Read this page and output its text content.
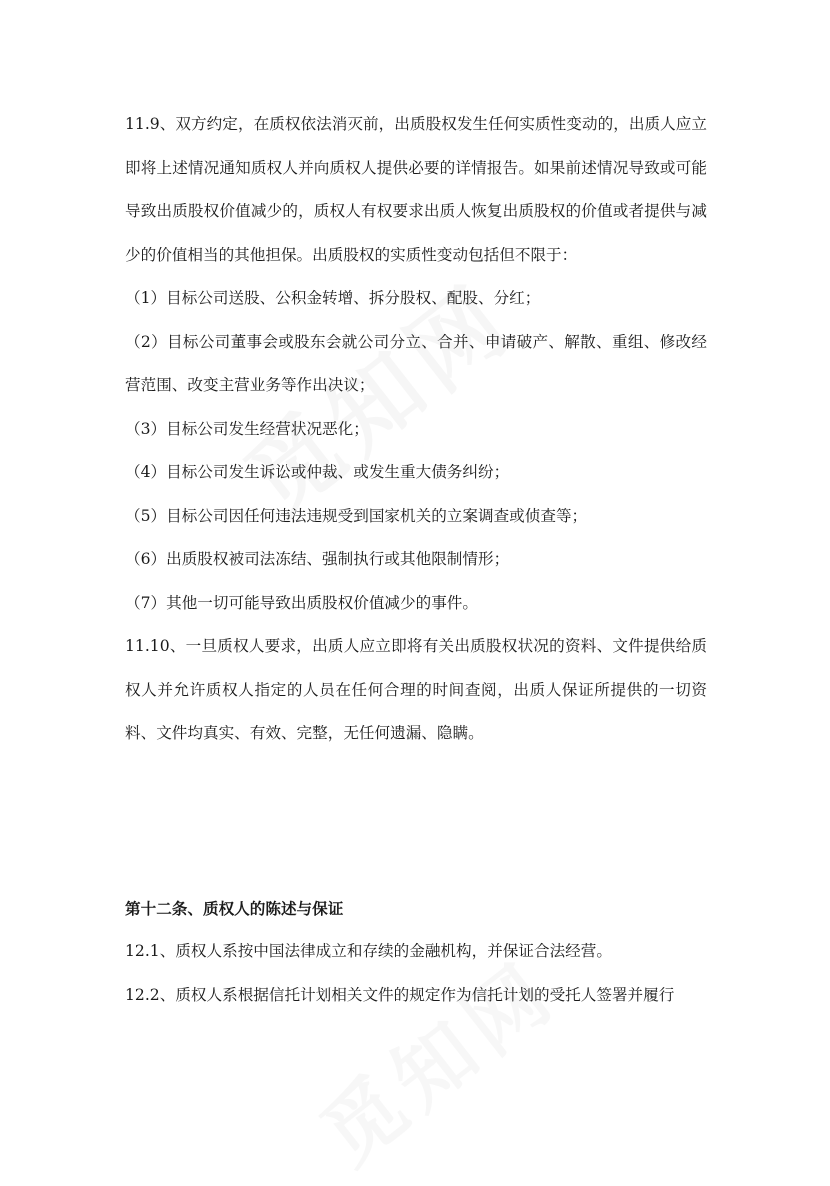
11.9、双方约定，在质权依法消灭前，出质股权发生任何实质性变动的，出质人应立即将上述情况通知质权人并向质权人提供必要的详情报告。如果前述情况导致或可能导致出质股权价值减少的，质权人有权要求出质人恢复出质股权的价值或者提供与减少的价值相当的其他担保。出质股权的实质性变动包括但不限于：

（1）目标公司送股、公积金转增、拆分股权、配股、分红；

（2）目标公司董事会或股东会就公司分立、合并、申请破产、解散、重组、修改经营范围、改变主营业务等作出决议；

（3）目标公司发生经营状况恶化；

（4）目标公司发生诉讼或仲裁、或发生重大债务纠纷；

（5）目标公司因任何违法违规受到国家机关的立案调查或侦查等；

（6）出质股权被司法冻结、强制执行或其他限制情形；

（7）其他一切可能导致出质股权价值减少的事件。

11.10、一旦质权人要求，出质人应立即将有关出质股权状况的资料、文件提供给质权人并允许质权人指定的人员在任何合理的时间查阅，出质人保证所提供的一切资料、文件均真实、有效、完整，无任何遗漏、隐瞒。

第十二条、质权人的陈述与保证

12.1、质权人系按中国法律成立和存续的金融机构，并保证合法经营。

12.2、质权人系根据信托计划相关文件的规定作为信托计划的受托人签署并履行
